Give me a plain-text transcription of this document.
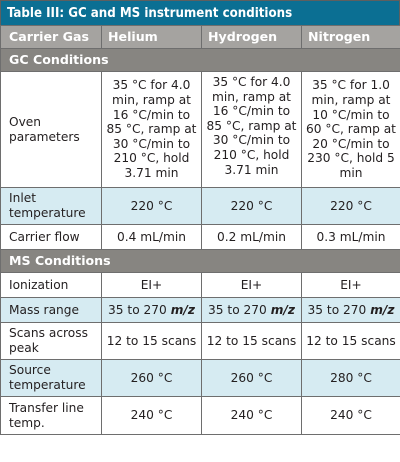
Table III: GC and MS instrument conditions
Carrier Gas	Helium	Hydrogen	Nitrogen
GC Conditions			
Oven parameters	35 °C for 4.0 min, ramp at 16 °C/min to 85 °C, ramp at 30 °C/min to 210 °C, hold 3.71 min	35 °C for 4.0 min, ramp at 16 °C/min to 85 °C, ramp at 30 °C/min to 210 °C, hold 3.71 min	35 °C for 1.0 min, ramp at 10 °C/min to 60 °C, ramp at 20 °C/min to 230 °C, hold 5 min
Inlet temperature	220 °C	220 °C	220 °C
Carrier flow	0.4 mL/min	0.2 mL/min	0.3 mL/min
MS Conditions			
Ionization	EI+	EI+	EI+
Mass range	35 to 270 m/z	35 to 270 m/z	35 to 270 m/z
Scans across peak	12 to 15 scans	12 to 15 scans	12 to 15 scans
Source temperature	260 °C	260 °C	280 °C
Transfer line temp.	240 °C	240 °C	240 °C
